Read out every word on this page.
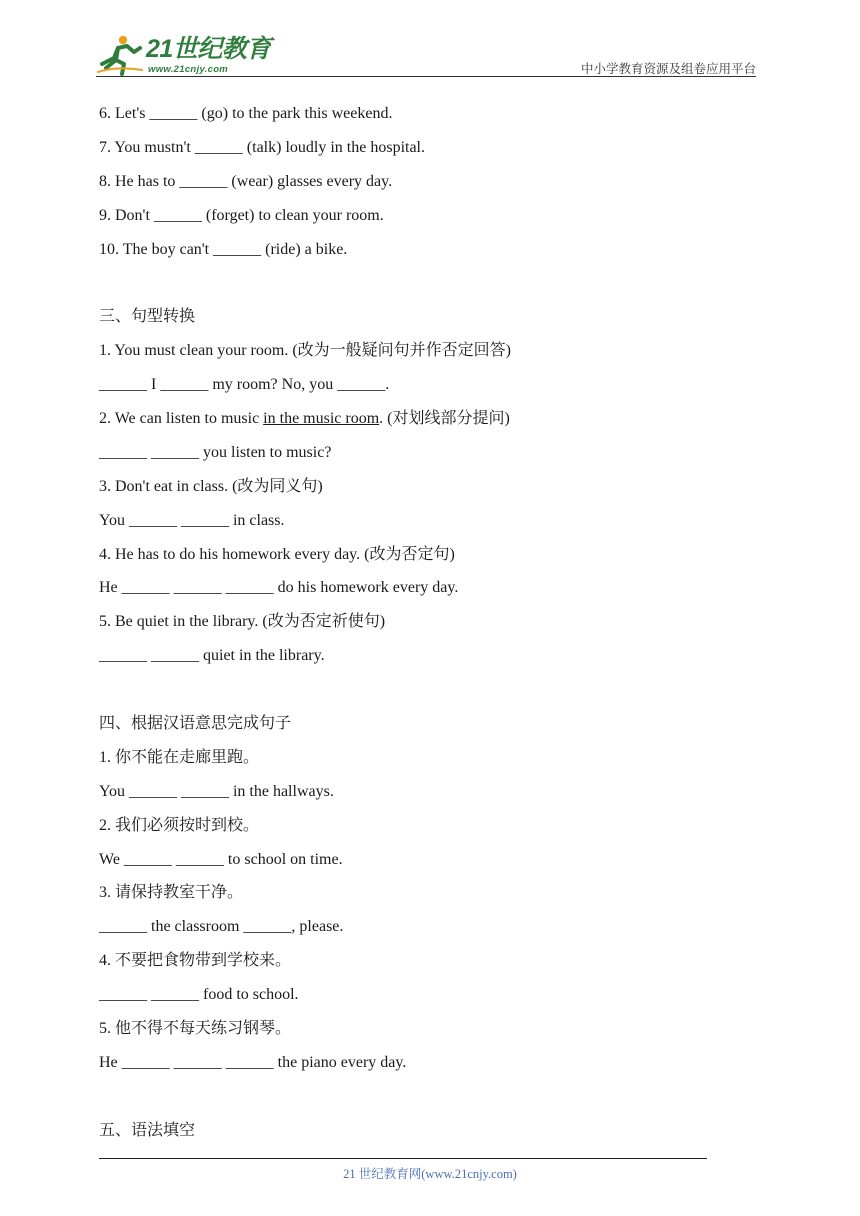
21世纪教育
www.21cnjy.com	中小学教育资源及组卷应用平台
6. Let's ______ (go) to the park this weekend.
7. You mustn't ______ (talk) loudly in the hospital.
8. He has to ______ (wear) glasses every day.
9. Don't ______ (forget) to clean your room.
10. The boy can't ______ (ride) a bike.
三、句型转换
1. You must clean your room. (改为一般疑问句并作否定回答)
______ I ______ my room? No, you ______.
2. We can listen to music in the music room. (对划线部分提问)
______ ______ you listen to music?
3. Don't eat in class. (改为同义句)
You ______ ______ in class.
4. He has to do his homework every day. (改为否定句)
He ______ ______ ______ do his homework every day.
5. Be quiet in the library. (改为否定祈使句)
______ ______ quiet in the library.
四、根据汉语意思完成句子
1. 你不能在走廊里跑。
You ______ ______ in the hallways.
2. 我们必须按时到校。
We ______ ______ to school on time.
3. 请保持教室干净。
______ the classroom ______, please.
4. 不要把食物带到学校来。
______ ______ food to school.
5. 他不得不每天练习钢琴。
He ______ ______ ______ the piano every day.
五、语法填空
21 世纪教育网(www.21cnjy.com)
